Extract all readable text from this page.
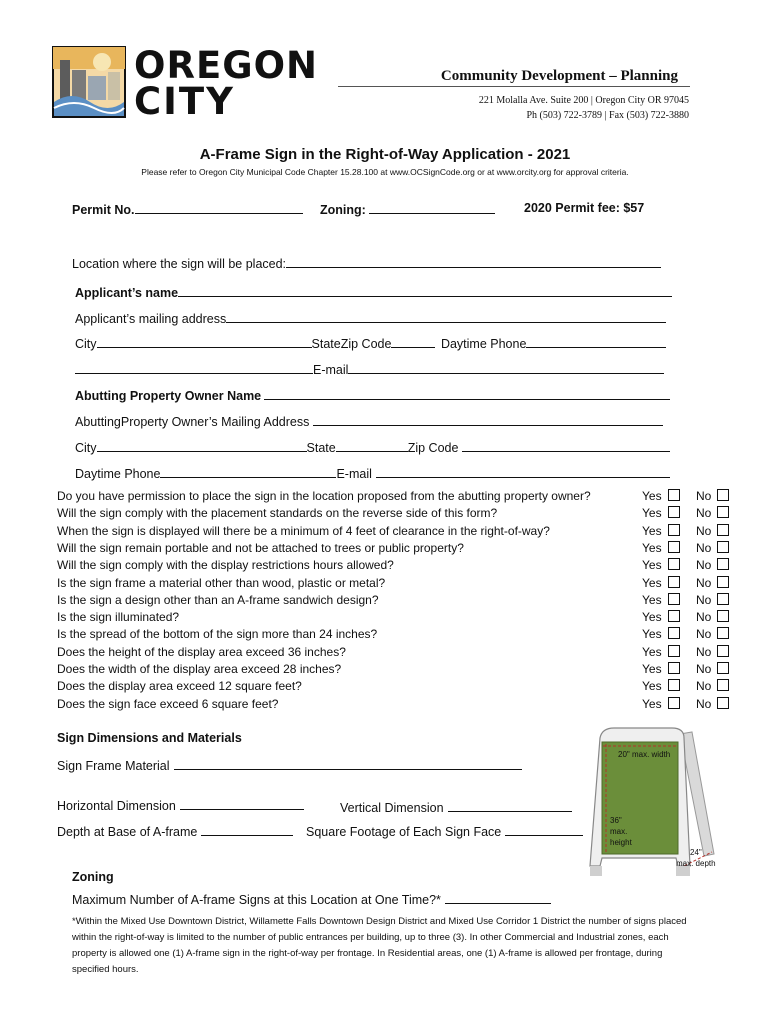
OREGON
CITY
Community Development – Planning
221 Molalla Ave. Suite 200 | Oregon City OR 97045
Ph (503) 722-3789 | Fax (503) 722-3880
A-Frame Sign in the Right-of-Way Application - 2021
Please refer to Oregon City Municipal Code Chapter 15.28.100 at www.OCSignCode.org or at www.orcity.org for approval criteria.
Permit No.	Zoning:	2020 Permit fee: $57
Location where the sign will be placed:
Applicant’s name
Applicant’s mailing address
City	StateZip Code	Daytime Phone
E-mail
Abutting Property Owner Name
AbuttingProperty Owner’s Mailing Address
City	State	Zip Code
Daytime Phone	E-mail
Do you have permission to place the sign in the location proposed from the abutting property owner?	Yes	No
Will the sign comply with the placement standards on the reverse side of this form?	Yes	No
When the sign is displayed will there be a minimum of 4 feet of clearance in the right-of-way?	Yes	No
Will the sign remain portable and not be attached to trees or public property?	Yes	No
Will the sign comply with the display restrictions hours allowed?	Yes	No
Is the sign frame a material other than wood, plastic or metal?	Yes	No
Is the sign a design other than an A-frame sandwich design?	Yes	No
Is the sign illuminated?	Yes	No
Is the spread of the bottom of the sign more than 24 inches?	Yes	No
Does the height of the display area exceed 36 inches?	Yes	No
Does the width of the display area exceed 28 inches?	Yes	No
Does the display area exceed 12 square feet?	Yes	No
Does the sign face exceed 6 square feet?	Yes	No
Sign Dimensions and Materials
Sign Frame Material
Horizontal Dimension	Vertical Dimension
Depth at Base of A-frame	Square Footage of Each Sign Face
20" max. width
36"
max.
height
24"
max. depth
Zoning
Maximum Number of A-frame Signs at this Location at One Time?*
*Within the Mixed Use Downtown District, Willamette Falls Downtown Design District and Mixed Use Corridor 1 District the number of signs placed within the right-of-way is limited to the number of public entrances per building, up to three (3). In other Commercial and Industrial zones, each property is allowed one (1) A-frame sign in the right-of-way per frontage. In Residential areas, one (1) A-frame is allowed per frontage, during specified hours.
